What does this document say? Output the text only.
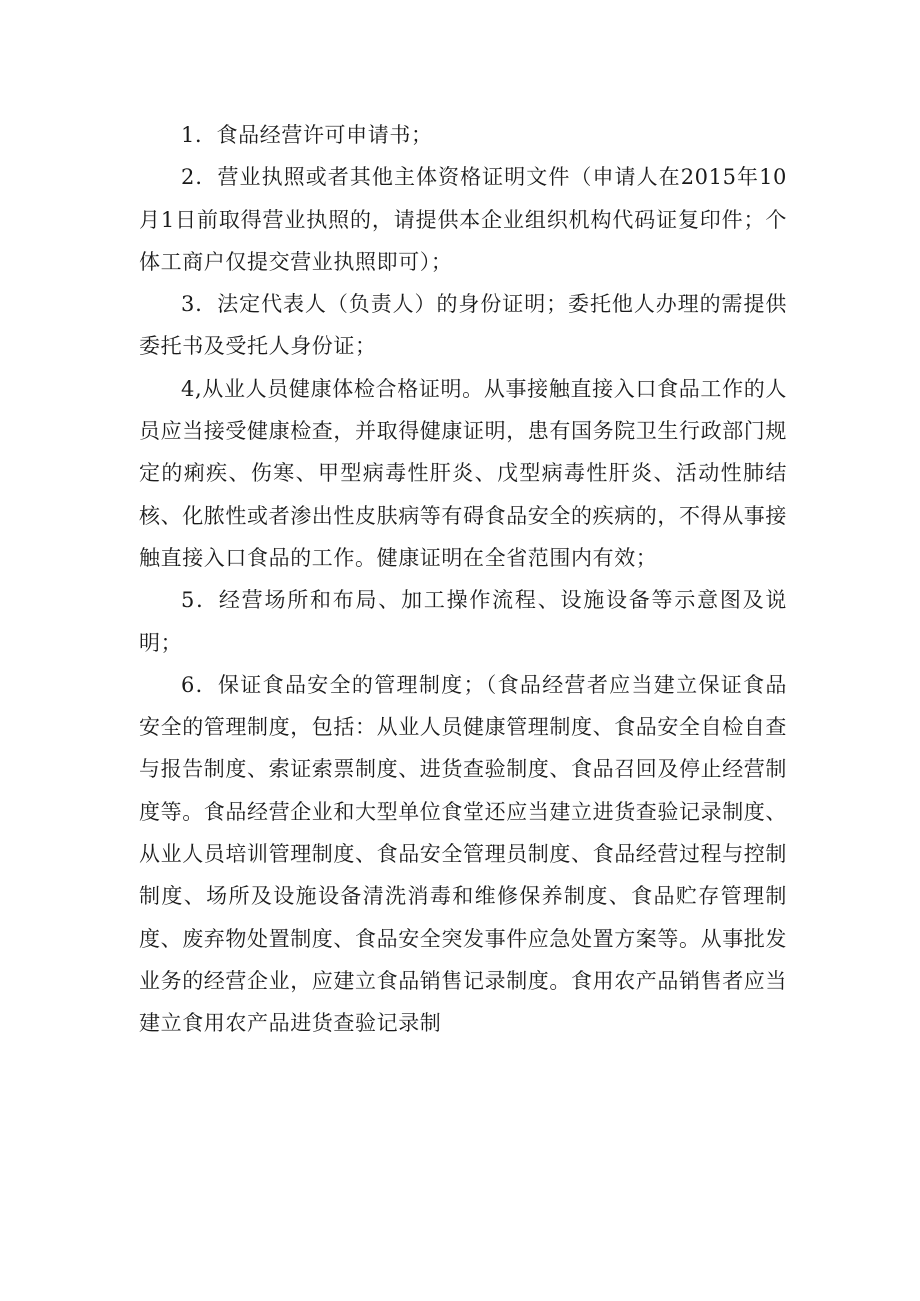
1．食品经营许可申请书；

2．营业执照或者其他主体资格证明文件（申请人在2015年10月1日前取得营业执照的，请提供本企业组织机构代码证复印件；个体工商户仅提交营业执照即可）；

3．法定代表人（负责人）的身份证明；委托他人办理的需提供委托书及受托人身份证；

4,从业人员健康体检合格证明。从事接触直接入口食品工作的人员应当接受健康检查，并取得健康证明，患有国务院卫生行政部门规定的痢疾、伤寒、甲型病毒性肝炎、戊型病毒性肝炎、活动性肺结核、化脓性或者渗出性皮肤病等有碍食品安全的疾病的，不得从事接触直接入口食品的工作。健康证明在全省范围内有效；

5．经营场所和布局、加工操作流程、设施设备等示意图及说明；

6．保证食品安全的管理制度；（食品经营者应当建立保证食品安全的管理制度，包括：从业人员健康管理制度、食品安全自检自查与报告制度、索证索票制度、进货查验制度、食品召回及停止经营制度等。食品经营企业和大型单位食堂还应当建立进货查验记录制度、从业人员培训管理制度、食品安全管理员制度、食品经营过程与控制制度、场所及设施设备清洗消毒和维修保养制度、食品贮存管理制度、废弃物处置制度、食品安全突发事件应急处置方案等。从事批发业务的经营企业，应建立食品销售记录制度。食用农产品销售者应当建立食用农产品进货查验记录制
